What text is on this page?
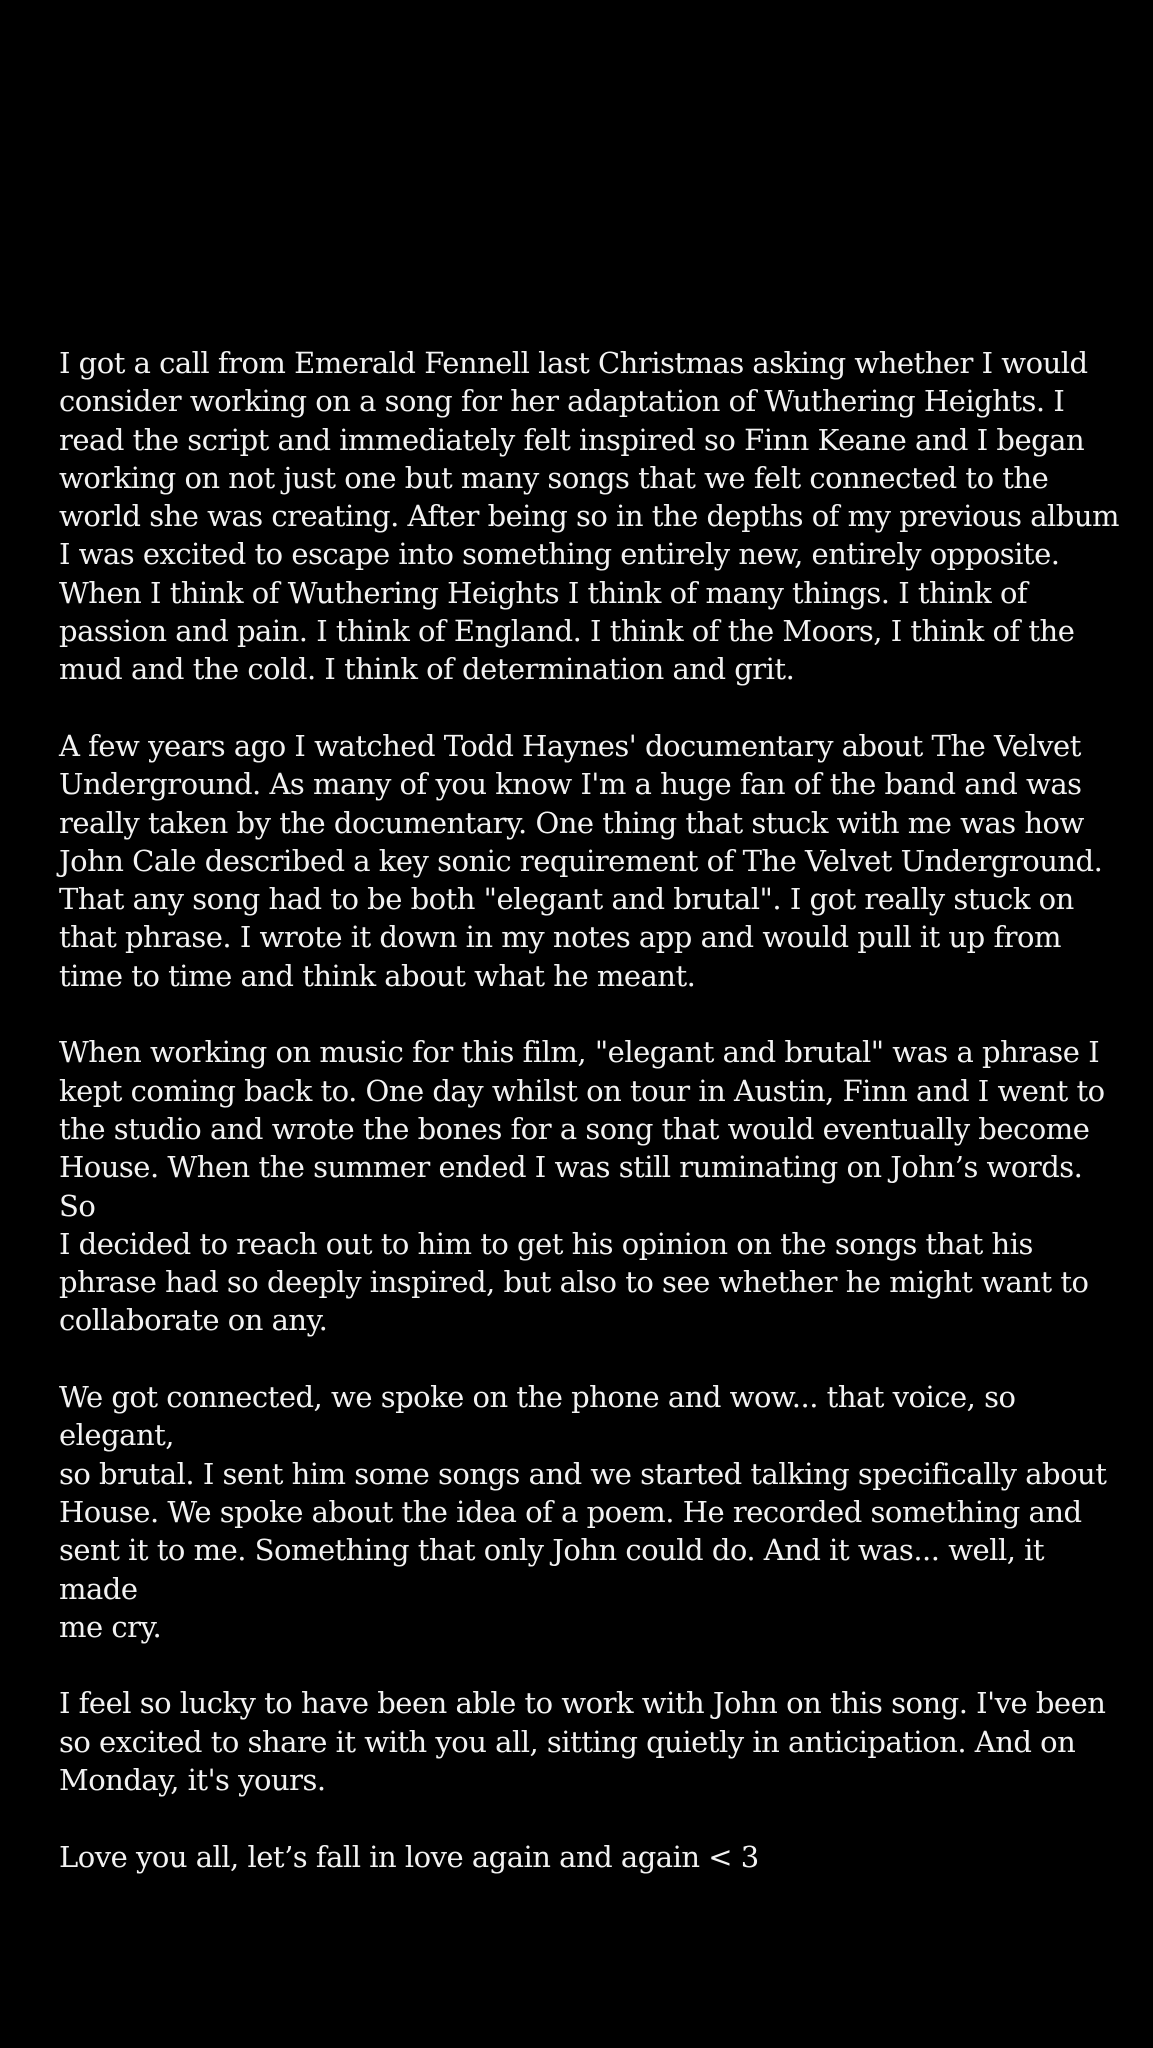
I got a call from Emerald Fennell last Christmas asking whether I would
consider working on a song for her adaptation of Wuthering Heights. I
read the script and immediately felt inspired so Finn Keane and I began
working on not just one but many songs that we felt connected to the
world she was creating. After being so in the depths of my previous album
I was excited to escape into something entirely new, entirely opposite.
When I think of Wuthering Heights I think of many things. I think of
passion and pain. I think of England. I think of the Moors, I think of the
mud and the cold. I think of determination and grit.

A few years ago I watched Todd Haynes' documentary about The Velvet
Underground. As many of you know I'm a huge fan of the band and was
really taken by the documentary. One thing that stuck with me was how
John Cale described a key sonic requirement of The Velvet Underground.
That any song had to be both "elegant and brutal". I got really stuck on
that phrase. I wrote it down in my notes app and would pull it up from
time to time and think about what he meant.

When working on music for this film, "elegant and brutal" was a phrase I
kept coming back to. One day whilst on tour in Austin, Finn and I went to
the studio and wrote the bones for a song that would eventually become
House. When the summer ended I was still ruminating on John’s words. So
I decided to reach out to him to get his opinion on the songs that his
phrase had so deeply inspired, but also to see whether he might want to
collaborate on any.

We got connected, we spoke on the phone and wow... that voice, so elegant,
so brutal. I sent him some songs and we started talking specifically about
House. We spoke about the idea of a poem. He recorded something and
sent it to me. Something that only John could do. And it was... well, it made
me cry.

I feel so lucky to have been able to work with John on this song. I've been
so excited to share it with you all, sitting quietly in anticipation. And on
Monday, it's yours.

Love you all, let’s fall in love again and again < 3
